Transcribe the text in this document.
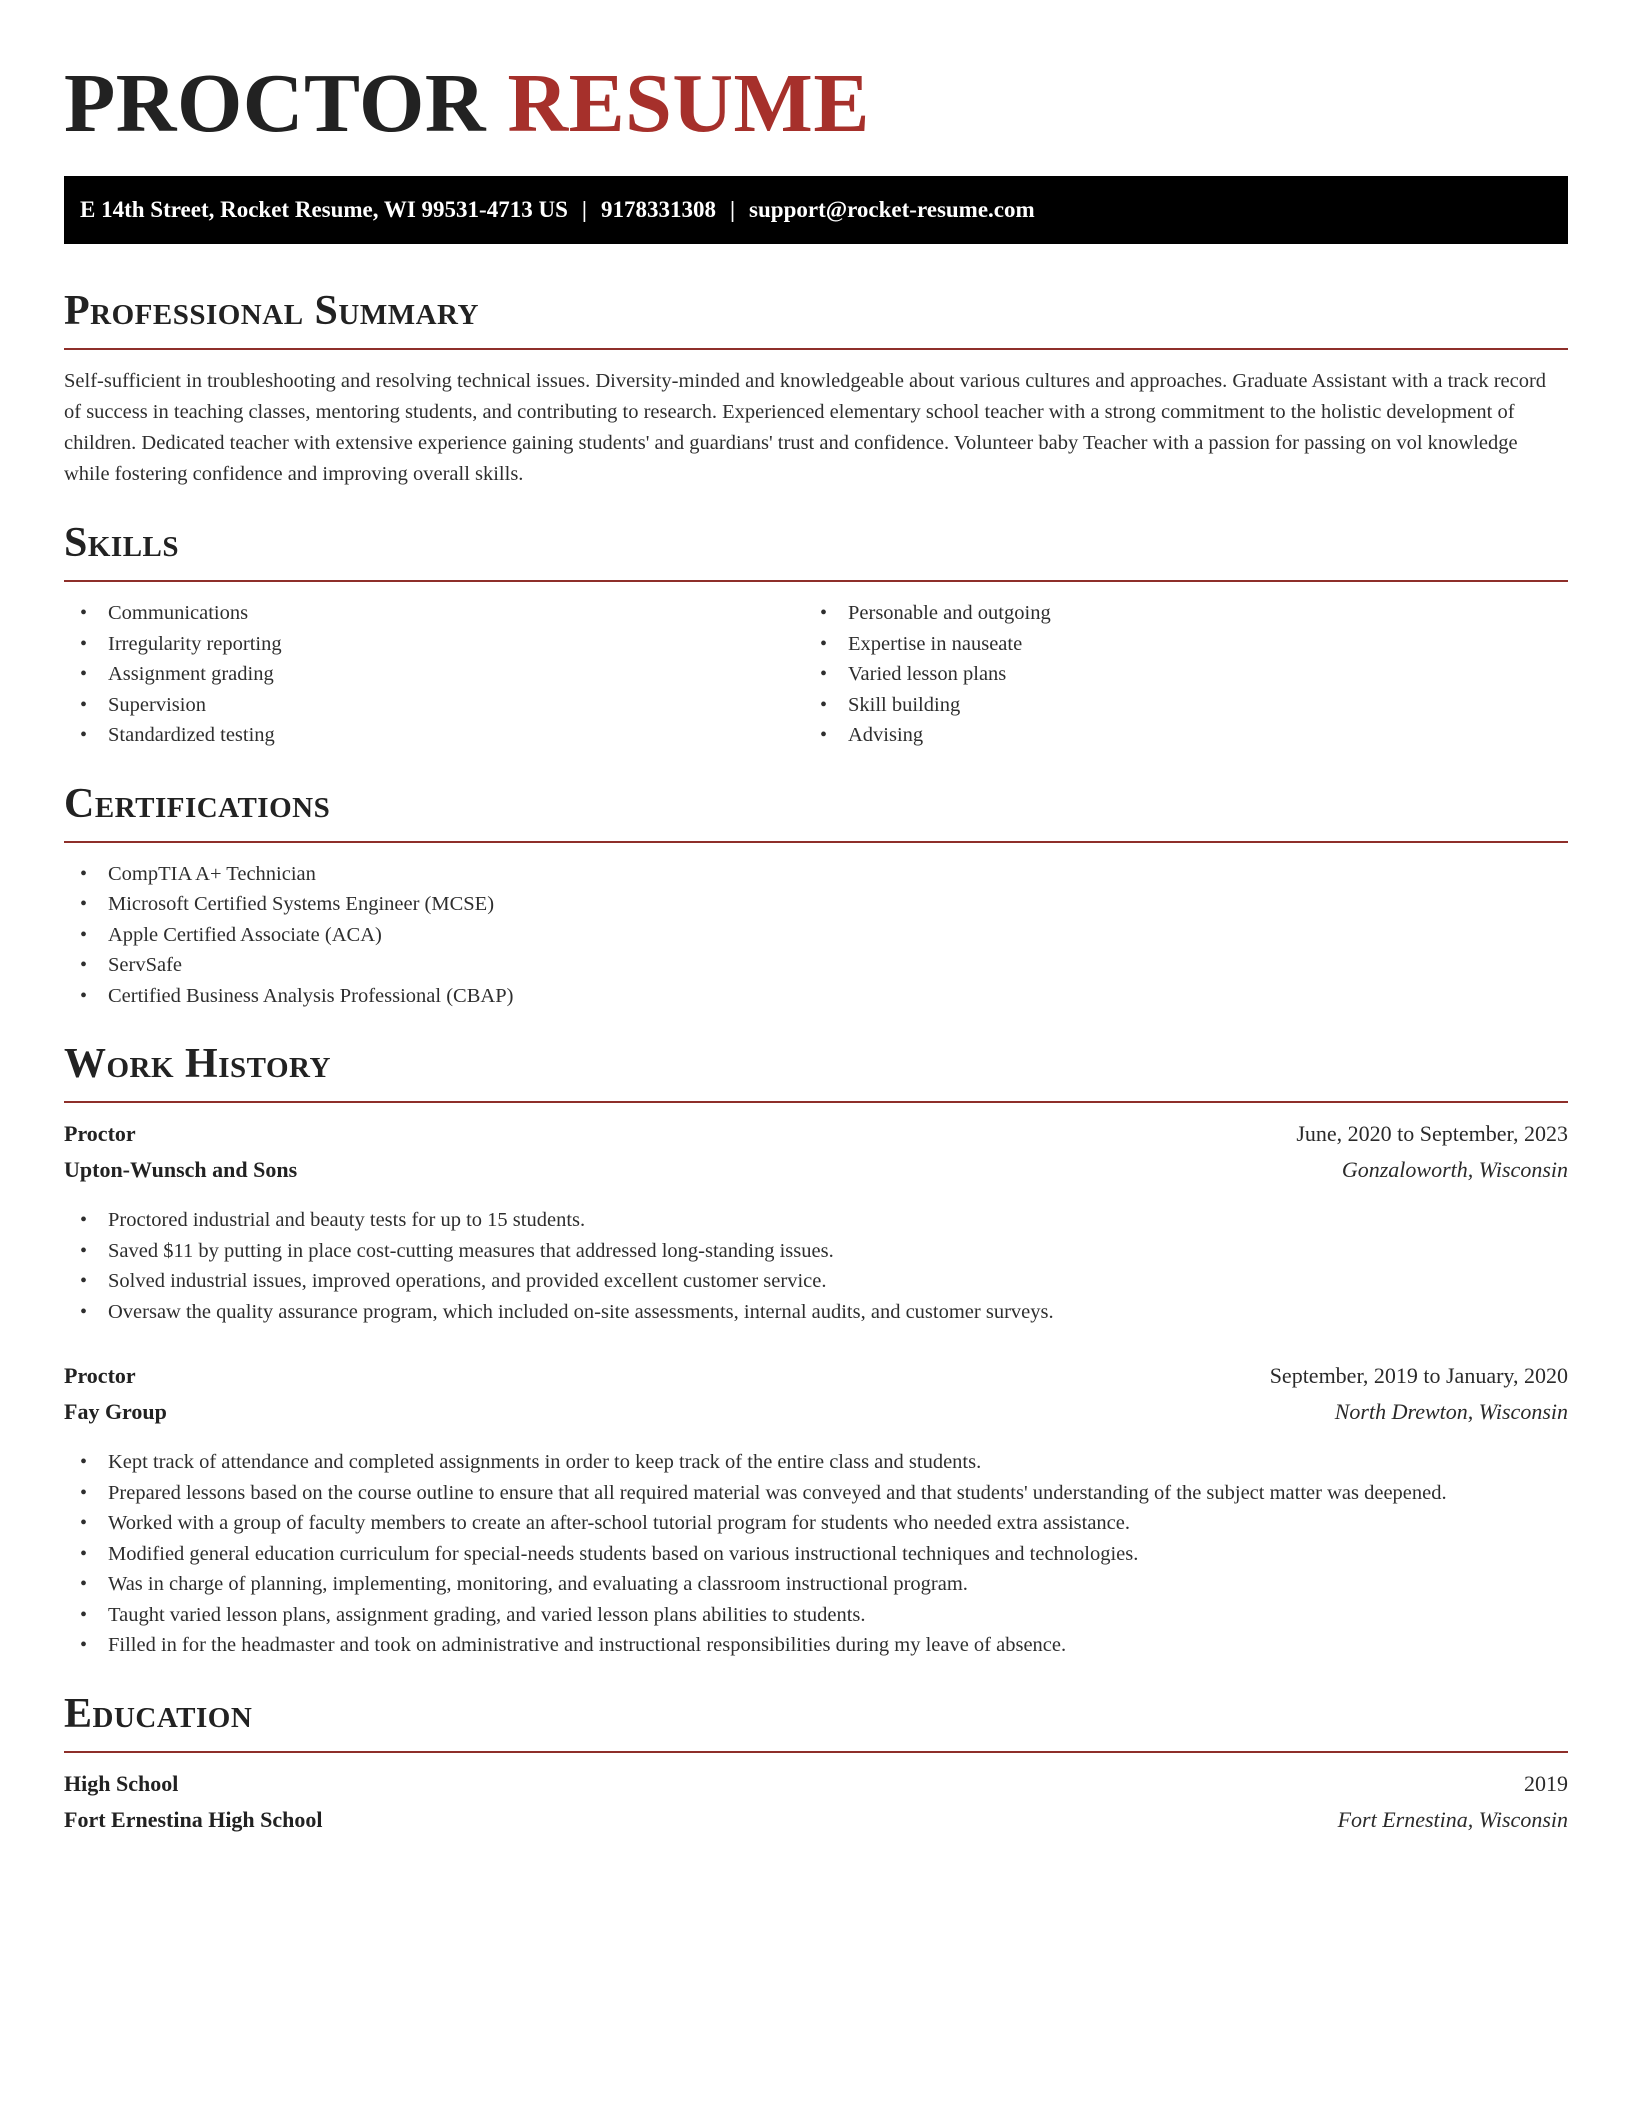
PROCTOR RESUME
E 14th Street, Rocket Resume, WI 99531-4713 US | 9178331308 | support@rocket-resume.com
Professional Summary

Self-sufficient in troubleshooting and resolving technical issues. Diversity-minded and knowledgeable about various cultures and approaches. Graduate Assistant with a track record of success in teaching classes, mentoring students, and contributing to research. Experienced elementary school teacher with a strong commitment to the holistic development of children. Dedicated teacher with extensive experience gaining students' and guardians' trust and confidence. Volunteer baby Teacher with a passion for passing on vol knowledge while fostering confidence and improving overall skills.

Skills
• Communications
• Irregularity reporting
• Assignment grading
• Supervision
• Standardized testing
• Personable and outgoing
• Expertise in nauseate
• Varied lesson plans
• Skill building
• Advising
Certifications
• CompTIA A+ Technician
• Microsoft Certified Systems Engineer (MCSE)
• Apple Certified Associate (ACA)
• ServSafe
• Certified Business Analysis Professional (CBAP)
Work History
Proctor	June, 2020 to September, 2023
Upton-Wunsch and Sons	Gonzaloworth, Wisconsin
• Proctored industrial and beauty tests for up to 15 students.
• Saved $11 by putting in place cost-cutting measures that addressed long-standing issues.
• Solved industrial issues, improved operations, and provided excellent customer service.
• Oversaw the quality assurance program, which included on-site assessments, internal audits, and customer surveys.
Proctor	September, 2019 to January, 2020
Fay Group	North Drewton, Wisconsin
• Kept track of attendance and completed assignments in order to keep track of the entire class and students.
• Prepared lessons based on the course outline to ensure that all required material was conveyed and that students' understanding of the subject matter was deepened.
• Worked with a group of faculty members to create an after-school tutorial program for students who needed extra assistance.
• Modified general education curriculum for special-needs students based on various instructional techniques and technologies.
• Was in charge of planning, implementing, monitoring, and evaluating a classroom instructional program.
• Taught varied lesson plans, assignment grading, and varied lesson plans abilities to students.
• Filled in for the headmaster and took on administrative and instructional responsibilities during my leave of absence.
Education
High School	2019
Fort Ernestina High School	Fort Ernestina, Wisconsin
